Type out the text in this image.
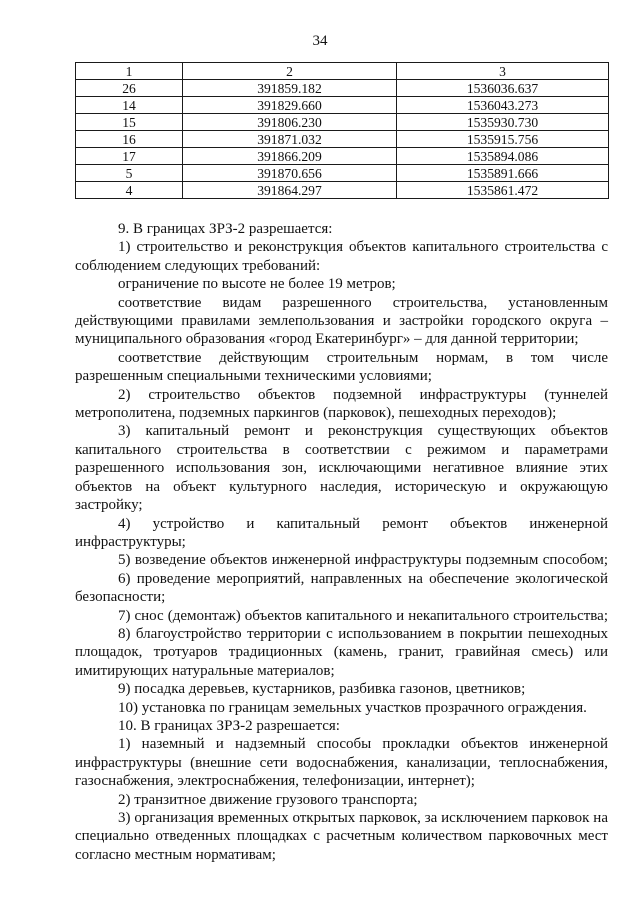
34
1	2	3
26	391859.182	1536036.637
14	391829.660	1536043.273
15	391806.230	1535930.730
16	391871.032	1535915.756
17	391866.209	1535894.086
5	391870.656	1535891.666
4	391864.297	1535861.472

9. В границах ЗРЗ-2 разрешается:

1) строительство и реконструкция объектов капитального строительства с соблюдением следующих требований:

ограничение по высоте не более 19 метров;

соответствие видам разрешенного строительства, установленным действующими правилами землепользования и застройки городского округа – муниципального образования «город Екатеринбург» – для данной территории;

соответствие действующим строительным нормам, в том числе разрешенным специальными техническими условиями;

2) строительство объектов подземной инфраструктуры (туннелей метрополитена, подземных паркингов (парковок), пешеходных переходов);

3) капитальный ремонт и реконструкция существующих объектов капитального строительства в соответствии с режимом и параметрами разрешенного использования зон, исключающими негативное влияние этих объектов на объект культурного наследия, историческую и окружающую застройку;

4) устройство и капитальный ремонт объектов инженерной инфраструктуры;

5) возведение объектов инженерной инфраструктуры подземным способом;

6) проведение мероприятий, направленных на обеспечение экологической безопасности;

7) снос (демонтаж) объектов капитального и некапитального строительства;

8) благоустройство территории с использованием в покрытии пешеходных площадок, тротуаров традиционных (камень, гранит, гравийная смесь) или имитирующих натуральные материалов;

9) посадка деревьев, кустарников, разбивка газонов, цветников;

10) установка по границам земельных участков прозрачного ограждения.

10. В границах ЗРЗ-2 разрешается:

1) наземный и надземный способы прокладки объектов инженерной инфраструктуры (внешние сети водоснабжения, канализации, теплоснабжения, газоснабжения, электроснабжения, телефонизации, интернет);

2) транзитное движение грузового транспорта;

3) организация временных открытых парковок, за исключением парковок на специально отведенных площадках с расчетным количеством парковочных мест согласно местным нормативам;
